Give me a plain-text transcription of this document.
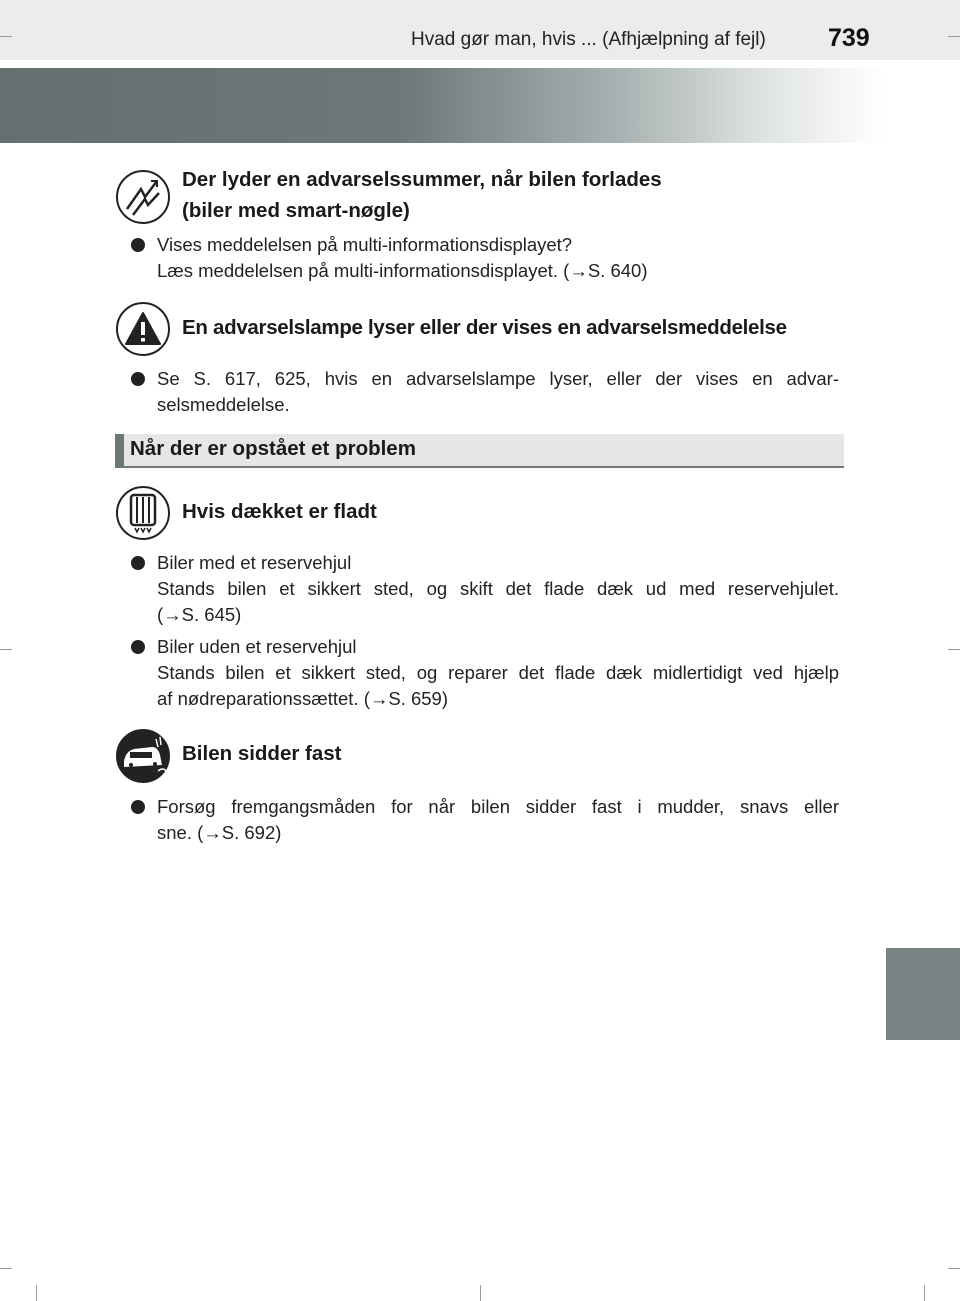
Hvad gør man, hvis ... (Afhjælpning af fejl) 739
Der lyder en advarselssummer, når bilen forlades
(biler med smart-nøgle)
Vises meddelelsen på multi-informationsdisplayet?
Læs meddelelsen på multi-informationsdisplayet. (→S. 640)
En advarselslampe lyser eller der vises en advarselsmeddelelse
Se S. 617, 625, hvis en advarselslampe lyser, eller der vises en advar-
selsmeddelelse.
Når der er opstået et problem
Hvis dækket er fladt
Biler med et reservehjul
Stands bilen et sikkert sted, og skift det flade dæk ud med reservehjulet.
(→S. 645)
Biler uden et reservehjul
Stands bilen et sikkert sted, og reparer det flade dæk midlertidigt ved hjælp
af nødreparationssættet. (→S. 659)
Bilen sidder fast
Forsøg fremgangsmåden for når bilen sidder fast i mudder, snavs eller
sne. (→S. 692)
